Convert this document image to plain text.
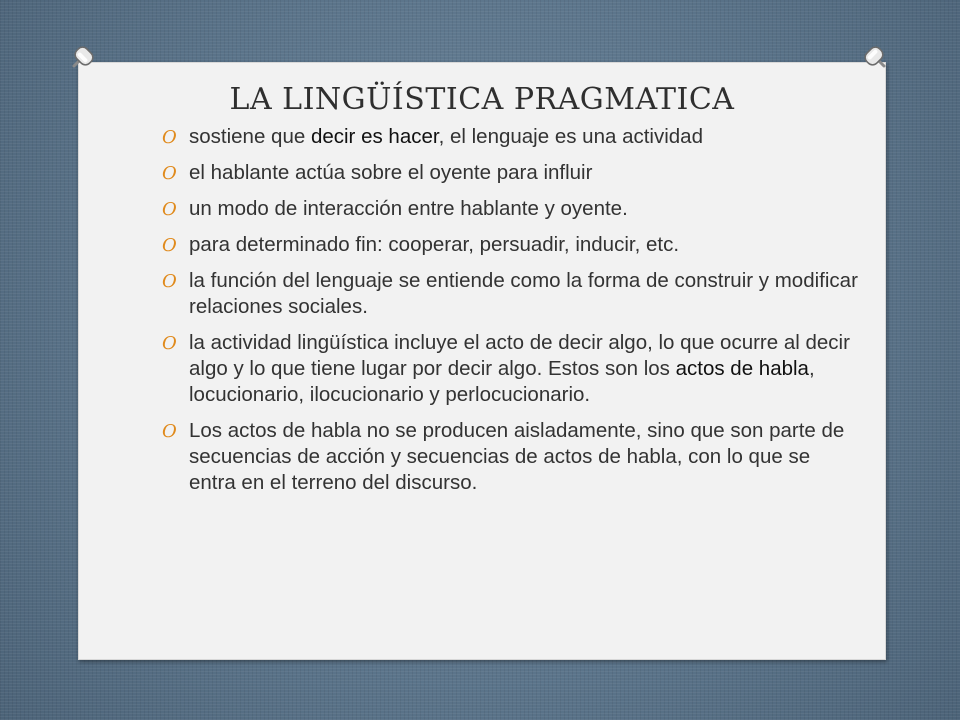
LA LINGÜÍSTICA PRAGMATICA
O sostiene que decir es hacer, el lenguaje es una actividad
O el hablante actúa sobre el oyente para influir
O un modo de interacción entre hablante y oyente.
O para determinado fin: cooperar, persuadir, inducir, etc.
O la función del lenguaje se entiende como la forma de construir y modificar relaciones sociales.
O la actividad lingüística incluye el acto de decir algo, lo que ocurre al decir algo y lo que tiene lugar por decir algo. Estos son los actos de habla, locucionario, ilocucionario y perlocucionario.
O Los actos de habla no se producen aisladamente, sino que son parte de secuencias de acción y secuencias de actos de habla, con lo que se entra en el terreno del discurso.
